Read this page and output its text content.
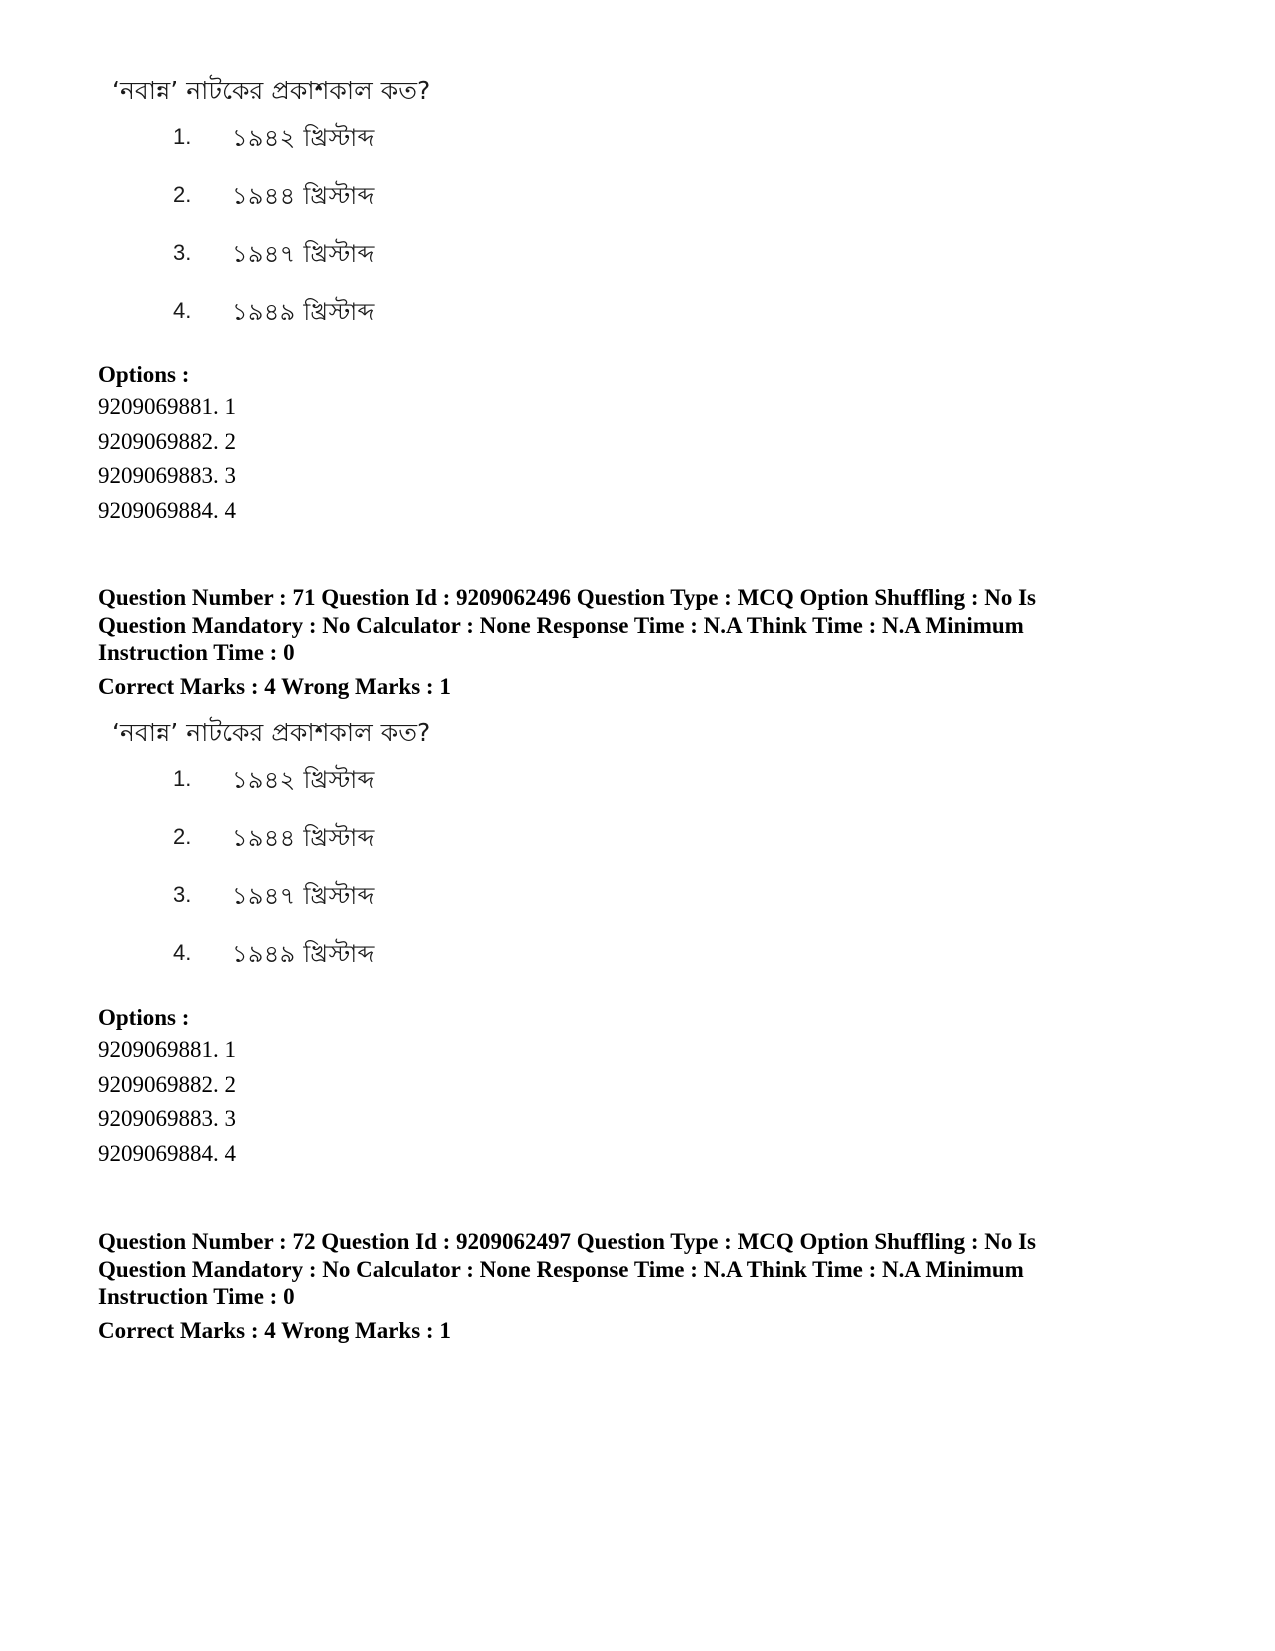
‘নবান্ন’ নাটকের প্রকাশকাল কত?

1. ১৯৪২ খ্রিস্টাব্দ
2. ১৯৪৪ খ্রিস্টাব্দ
3. ১৯৪৭ খ্রিস্টাব্দ
4. ১৯৪৯ খ্রিস্টাব্দ

Options :

9209069881. 1

9209069882. 2

9209069883. 3

9209069884. 4

Question Number : 71 Question Id : 9209062496 Question Type : MCQ Option Shuffling : No Is

Question Mandatory : No Calculator : None Response Time : N.A Think Time : N.A Minimum

Instruction Time : 0

Correct Marks : 4 Wrong Marks : 1

‘নবান্ন’ নাটকের প্রকাশকাল কত?

1. ১৯৪২ খ্রিস্টাব্দ
2. ১৯৪৪ খ্রিস্টাব্দ
3. ১৯৪৭ খ্রিস্টাব্দ
4. ১৯৪৯ খ্রিস্টাব্দ

Options :

9209069881. 1

9209069882. 2

9209069883. 3

9209069884. 4

Question Number : 72 Question Id : 9209062497 Question Type : MCQ Option Shuffling : No Is

Question Mandatory : No Calculator : None Response Time : N.A Think Time : N.A Minimum

Instruction Time : 0

Correct Marks : 4 Wrong Marks : 1
